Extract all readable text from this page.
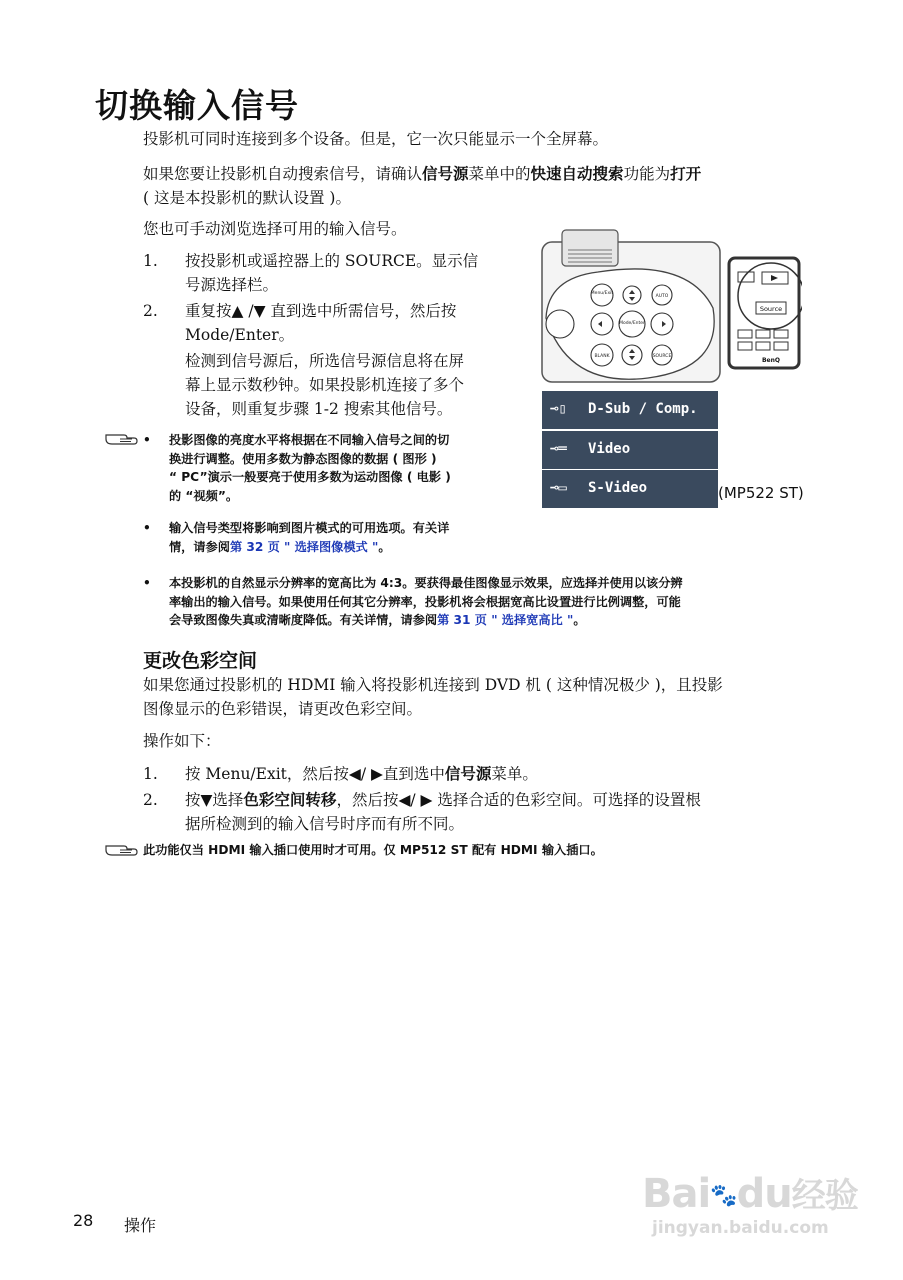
切换输入信号
投影机可同时连接到多个设备。但是，它一次只能显示一个全屏幕。
如果您要让投影机自动搜索信号，请确认信号源菜单中的快速自动搜索功能为打开
( 这是本投影机的默认设置 )。
您也可手动浏览选择可用的输入信号。
1. 按投影机或遥控器上的 SOURCE。显示信
号源选择栏。
2. 重复按▲ /▼ 直到选中所需信号，然后按
Mode/Enter。
检测到信号源后，所选信号源信息将在屏
幕上显示数秒钟。如果投影机连接了多个
设备，则重复步骤 1-2 搜索其他信号。
• 投影图像的亮度水平将根据在不同输入信号之间的切
换进行调整。使用多数为静态图像的数据 ( 图形 )
“ PC”演示一般要亮于使用多数为运动图像 ( 电影 )
的 “视频”。
• 输入信号类型将影响到图片模式的可用选项。有关详
情，请参阅第 32 页 " 选择图像模式 "。
• 本投影机的自然显示分辨率的宽高比为 4:3。要获得最佳图像显示效果，应选择并使用以该分辨
率输出的输入信号。如果使用任何其它分辨率，投影机将会根据宽高比设置进行比例调整，可能
会导致图像失真或清晰度降低。有关详情，请参阅第 31 页 " 选择宽高比 "。
Menu/Exit
AUTO
Mode/Enter
BLANK	SOURCE
Source
BenQ
⊸▯ D-Sub / Comp.
⊸═ Video
⊸▭ S-Video	(MP522 ST)
更改色彩空间
如果您通过投影机的 HDMI 输入将投影机连接到 DVD 机 ( 这种情况极少 )，且投影
图像显示的色彩错误，请更改色彩空间。
操作如下：
1. 按 Menu/Exit，然后按◀/ ▶直到选中信号源菜单。
2. 按▼选择色彩空间转移，然后按◀/ ▶ 选择合适的色彩空间。可选择的设置根
据所检测到的输入信号时序而有所不同。
此功能仅当 HDMI 输入插口使用时才可用。仅 MP512 ST 配有 HDMI 输入插口。
28 操作
Bai🐾du经验
jingyan.baidu.com
